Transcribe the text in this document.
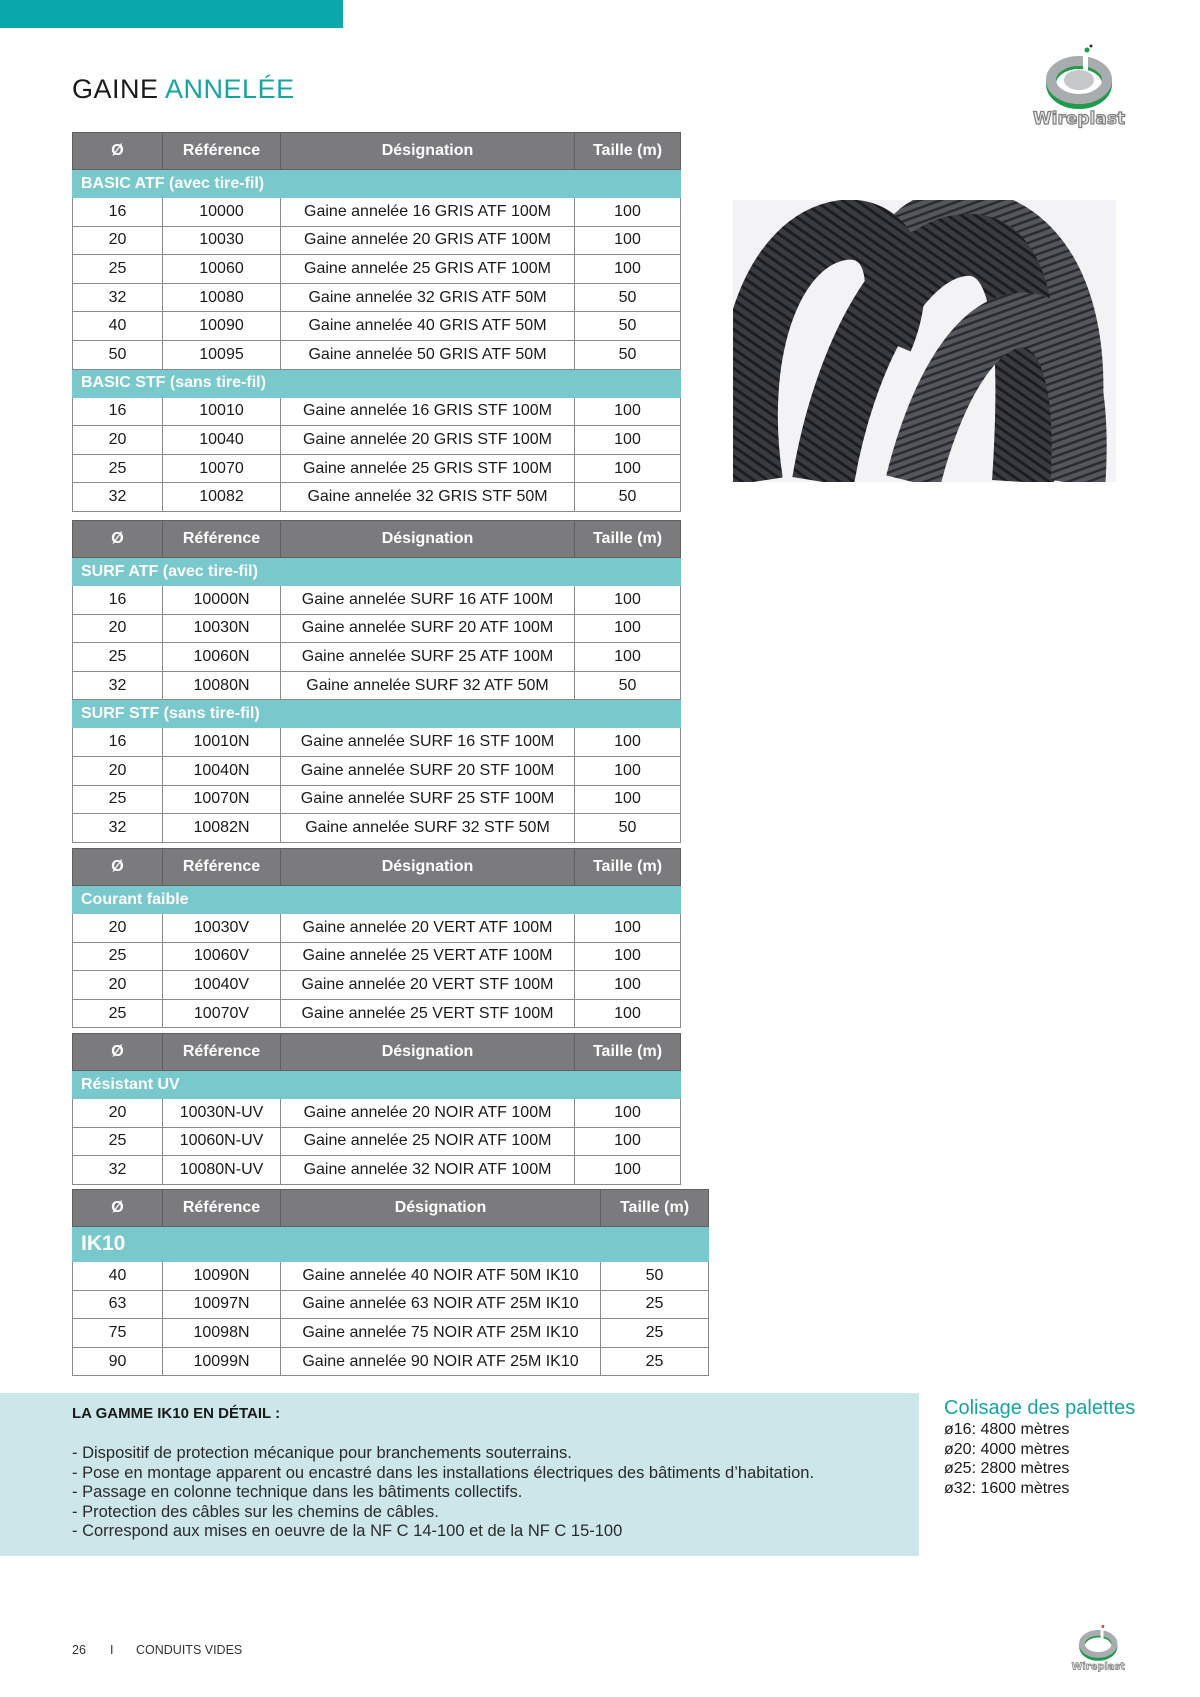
GAINE ANNELÉE
Wireplast
Ø	Référence	Désignation	Taille (m)
BASIC ATF (avec tire-fil)			
16	10000	Gaine annelée 16 GRIS ATF 100M	100
20	10030	Gaine annelée 20 GRIS ATF 100M	100
25	10060	Gaine annelée 25 GRIS ATF 100M	100
32	10080	Gaine annelée 32 GRIS ATF 50M	50
40	10090	Gaine annelée 40 GRIS ATF 50M	50
50	10095	Gaine annelée 50 GRIS ATF 50M	50
BASIC STF (sans tire-fil)			
16	10010	Gaine annelée 16 GRIS STF 100M	100
20	10040	Gaine annelée 20 GRIS STF 100M	100
25	10070	Gaine annelée 25 GRIS STF 100M	100
32	10082	Gaine annelée 32 GRIS STF 50M	50
Ø	Référence	Désignation	Taille (m)
SURF ATF (avec tire-fil)			
16	10000N	Gaine annelée SURF 16 ATF 100M	100
20	10030N	Gaine annelée SURF 20 ATF 100M	100
25	10060N	Gaine annelée SURF 25 ATF 100M	100
32	10080N	Gaine annelée SURF 32 ATF 50M	50
SURF STF (sans tire-fil)			
16	10010N	Gaine annelée SURF 16 STF 100M	100
20	10040N	Gaine annelée SURF 20 STF 100M	100
25	10070N	Gaine annelée SURF 25 STF 100M	100
32	10082N	Gaine annelée SURF 32 STF 50M	50
Ø	Référence	Désignation	Taille (m)
Courant faible			
20	10030V	Gaine annelée 20 VERT ATF 100M	100
25	10060V	Gaine annelée 25 VERT ATF 100M	100
20	10040V	Gaine annelée 20 VERT STF 100M	100
25	10070V	Gaine annelée 25 VERT STF 100M	100
Ø	Référence	Désignation	Taille (m)
Résistant UV			
20	10030N-UV	Gaine annelée 20 NOIR ATF 100M	100
25	10060N-UV	Gaine annelée 25 NOIR ATF 100M	100
32	10080N-UV	Gaine annelée 32 NOIR ATF 100M	100
Ø	Référence	Désignation	Taille (m)
IK10			
40	10090N	Gaine annelée 40 NOIR ATF 50M IK10	50
63	10097N	Gaine annelée 63 NOIR ATF 25M IK10	25
75	10098N	Gaine annelée 75 NOIR ATF 25M IK10	25
90	10099N	Gaine annelée 90 NOIR ATF 25M IK10	25
LA GAMME IK10 EN DÉTAIL :
- Dispositif de protection mécanique pour branchements souterrains.
- Pose en montage apparent ou encastré dans les installations électriques des bâtiments d’habitation.
- Passage en colonne technique dans les bâtiments collectifs.
- Protection des câbles sur les chemins de câbles.
- Correspond aux mises en oeuvre de la NF C 14-100 et de la NF C 15-100
Colisage des palettes
ø16: 4800 mètres
ø20: 4000 mètres
ø25: 2800 mètres
ø32: 1600 mètres
26	I	CONDUITS VIDES
Wireplast
